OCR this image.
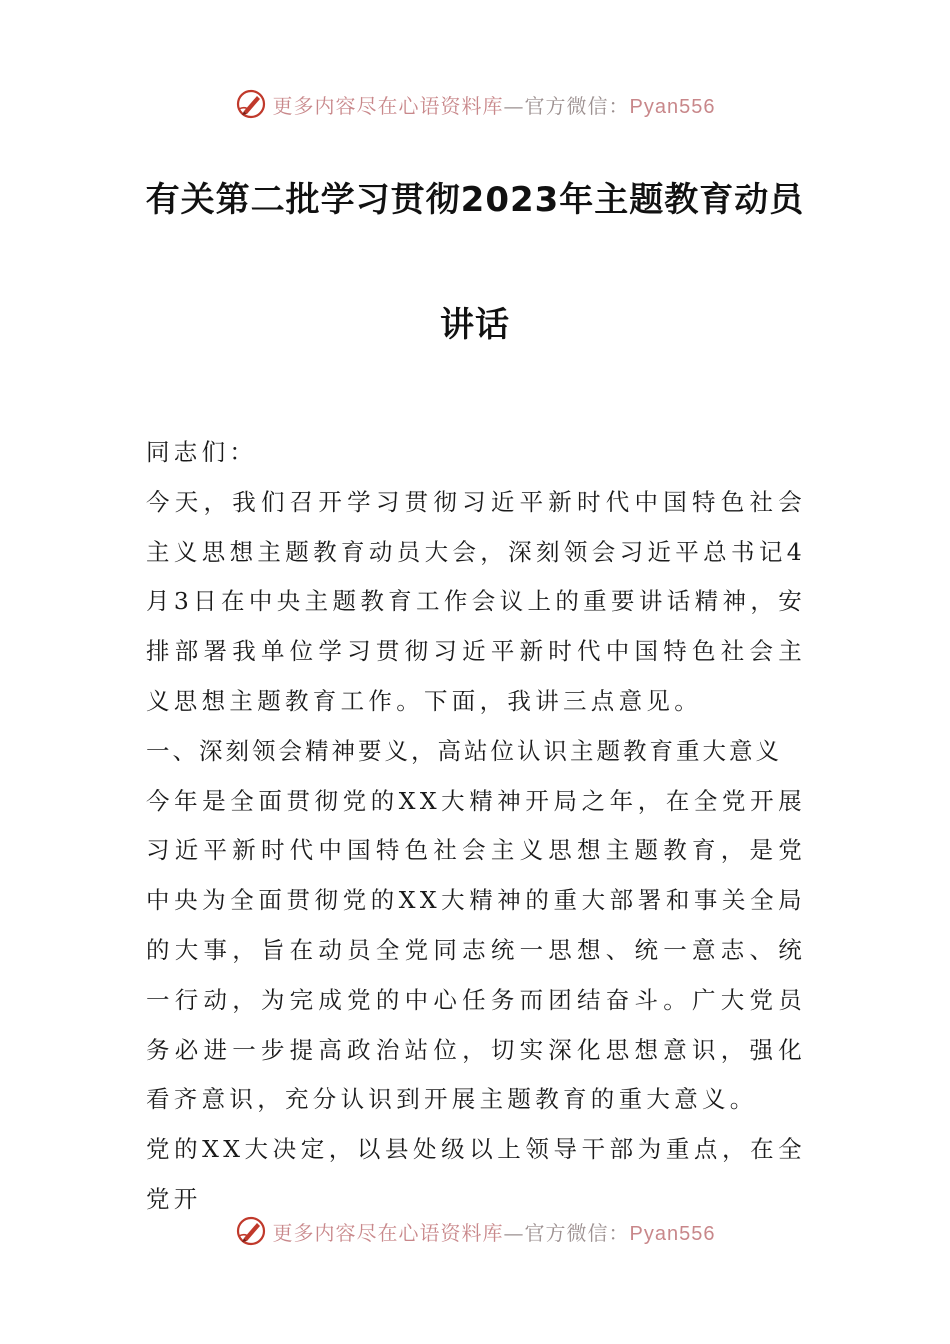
更多内容尽在心语资料库—官方微信：Pyan556
有关第二批学习贯彻2023年主题教育动员
讲话

同志们：

今天，我们召开学习贯彻习近平新时代中国特色社会主义思想主题教育动员大会，深刻领会习近平总书记4月3日在中央主题教育工作会议上的重要讲话精神，安排部署我单位学习贯彻习近平新时代中国特色社会主义思想主题教育工作。下面，我讲三点意见。

一、深刻领会精神要义，高站位认识主题教育重大意义

今年是全面贯彻党的XX大精神开局之年，在全党开展习近平新时代中国特色社会主义思想主题教育，是党中央为全面贯彻党的XX大精神的重大部署和事关全局的大事，旨在动员全党同志统一思想、统一意志、统一行动，为完成党的中心任务而团结奋斗。广大党员务必进一步提高政治站位，切实深化思想意识，强化看齐意识，充分认识到开展主题教育的重大意义。

党的XX大决定，以县处级以上领导干部为重点，在全党开

更多内容尽在心语资料库—官方微信：Pyan556
